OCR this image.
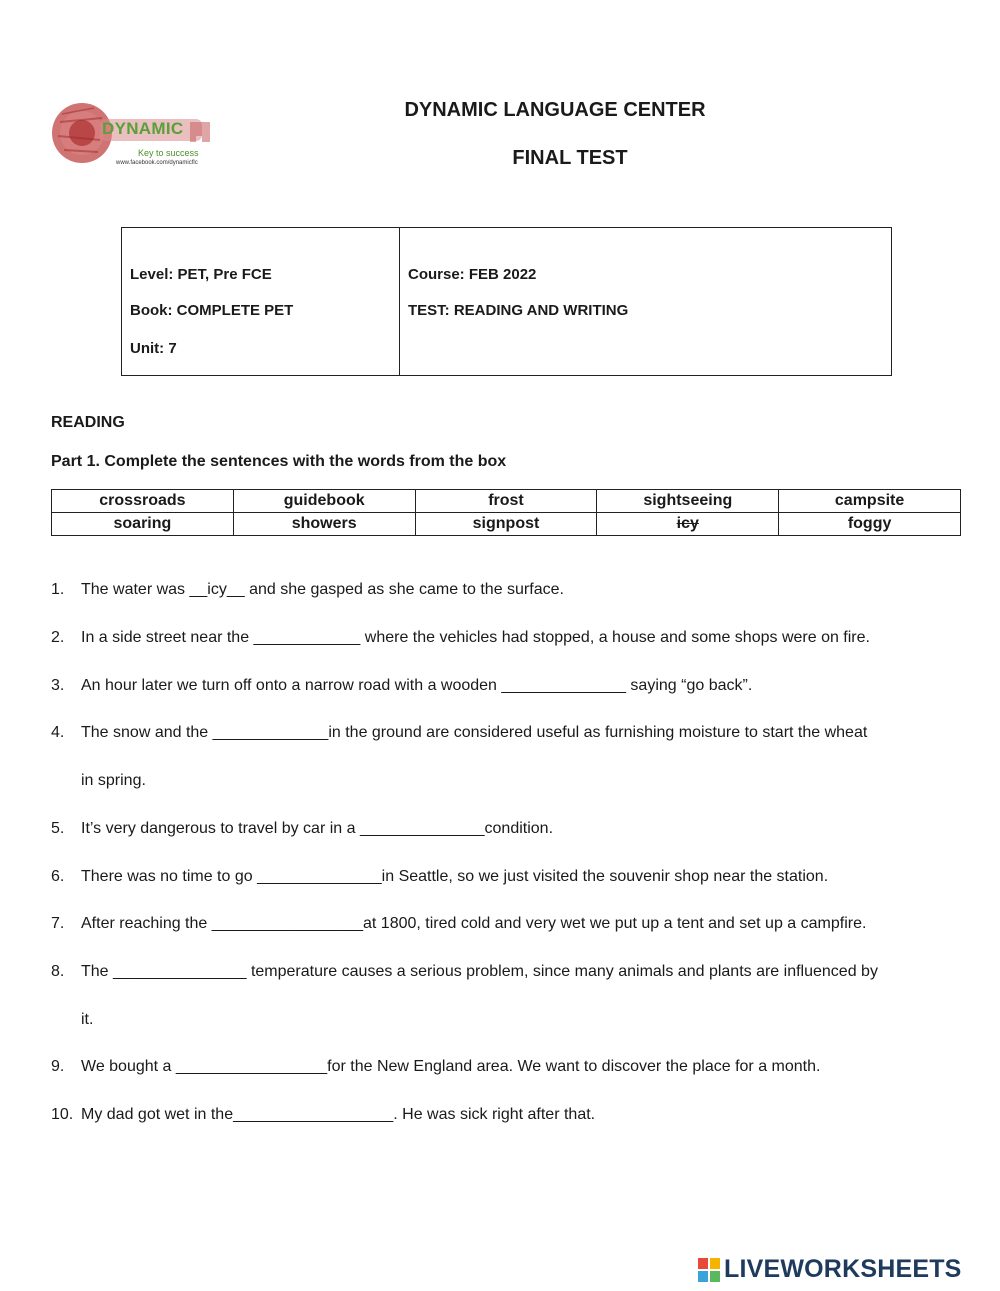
DYNAMIC
Key to success
www.facebook.com/dynamicflc
DYNAMIC LANGUAGE CENTER
FINAL TEST
Level: PET, Pre FCE
Book: COMPLETE PET
Unit: 7
Course: FEB 2022
TEST: READING AND WRITING
READING
Part 1. Complete the sentences with the words from the box
crossroads	guidebook	frost	sightseeing	campsite
soaring	showers	signpost	icy	foggy
1. The water was __icy__ and she gasped as she came to the surface.
2. In a side street near the ____________ where the vehicles had stopped, a house and some shops were on fire.
3. An hour later we turn off onto a narrow road with a wooden ______________ saying “go back”.
4. The snow and the _____________in the ground are considered useful as furnishing moisture to start the wheat
in spring.
5. It’s very dangerous to travel by car in a ______________condition.
6. There was no time to go ______________in Seattle, so we just visited the souvenir shop near the station.
7. After reaching the _________________at 1800, tired cold and very wet we put up a tent and set up a campfire.
8. The _______________ temperature causes a serious problem, since many animals and plants are influenced by
it.
9. We bought a _________________for the New England area. We want to discover the place for a month.
10. My dad got wet in the__________________. He was sick right after that.
LIVEWORKSHEETS
